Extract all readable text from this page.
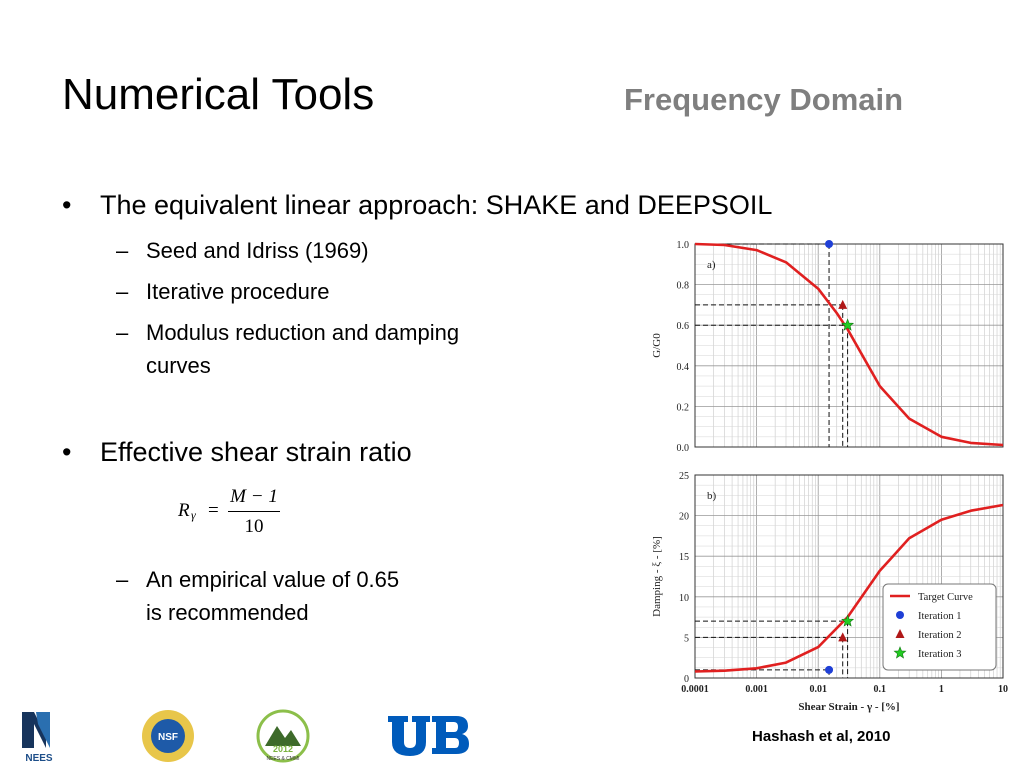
Numerical Tools	Frequency Domain
• The equivalent linear approach: SHAKE and DEEPSOIL
– Seed and Idriss (1969)
– Iterative procedure
– Modulus reduction and damping
curves
• Effective shear strain ratio
R γ =
M − 1
10
– An empirical value of 0.65
is recommended
0.0
0.2
0.4
0.6
0.8
1.0
G/G0
a)
0
5
10
15
20
25
0.0001	0.001	0.01	0.1	1	10
Shear Strain - γ - [%]
Damping - ξ - [%]
b)
Target Curve
Iteration 1
Iteration 2
Iteration 3
Hashash et al, 2010
NEES
NSF
2012
NEES & CMMI
